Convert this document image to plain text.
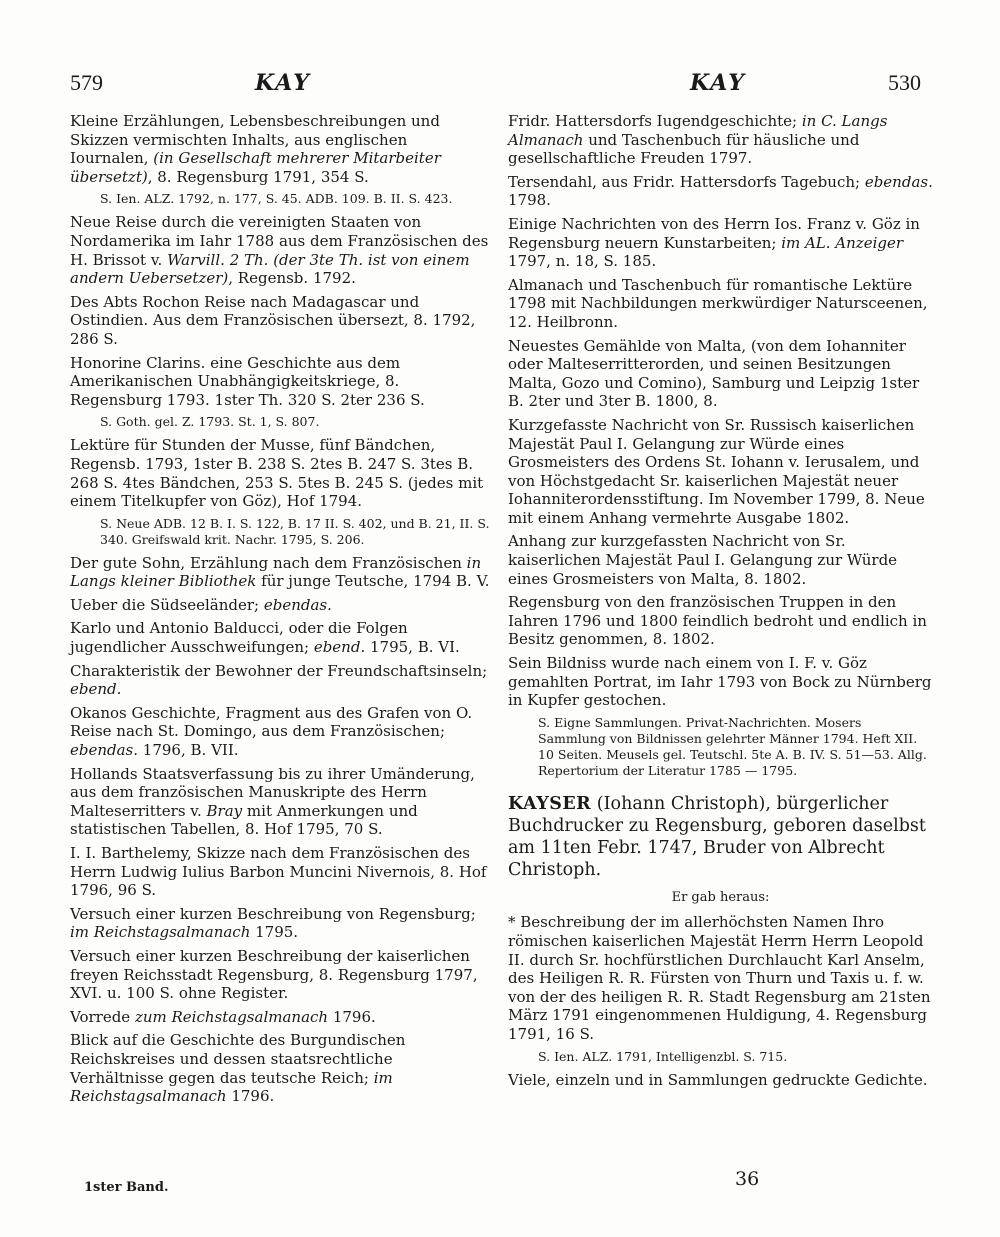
579	KAY	KAY	530
Kleine Erzählungen, Lebensbeschreibungen und Skizzen vermischten Inhalts, aus englischen Iournalen, (in Gesellschaft mehrerer Mitarbeiter übersetzt), 8. Regensburg 1791, 354 S.
S. Ien. ALZ. 1792, n. 177, S. 45. ADB. 109. B. II. S. 423.
Neue Reise durch die vereinigten Staaten von Nordamerika im Iahr 1788 aus dem Französischen des H. Brissot v. Warvill. 2 Th. (der 3te Th. ist von einem andern Uebersetzer), Regensb. 1792.
Des Abts Rochon Reise nach Madagascar und Ostindien. Aus dem Französischen übersezt, 8. 1792, 286 S.
Honorine Clarins. eine Geschichte aus dem Amerikanischen Unabhängigkeitskriege, 8. Regensburg 1793. 1ster Th. 320 S. 2ter 236 S.
S. Goth. gel. Z. 1793. St. 1, S. 807.
Lektüre für Stunden der Musse, fünf Bändchen, Regensb. 1793, 1ster B. 238 S. 2tes B. 247 S. 3tes B. 268 S. 4tes Bändchen, 253 S. 5tes B. 245 S. (jedes mit einem Titelkupfer von Göz), Hof 1794.
S. Neue ADB. 12 B. I. S. 122, B. 17 II. S. 402, und B. 21, II. S. 340. Greifswald krit. Nachr. 1795, S. 206.
Der gute Sohn, Erzählung nach dem Französischen in Langs kleiner Bibliothek für junge Teutsche, 1794 B. V.
Ueber die Südseeländer; ebendas.
Karlo und Antonio Balducci, oder die Folgen jugendlicher Ausschweifungen; ebend. 1795, B. VI.
Charakteristik der Bewohner der Freundschaftsinseln; ebend.
Okanos Geschichte, Fragment aus des Grafen von O. Reise nach St. Domingo, aus dem Französischen; ebendas. 1796, B. VII.
Hollands Staatsverfassung bis zu ihrer Umänderung, aus dem französischen Manuskripte des Herrn Malteserritters v. Bray mit Anmerkungen und statistischen Tabellen, 8. Hof 1795, 70 S.
I. I. Barthelemy, Skizze nach dem Französischen des Herrn Ludwig Iulius Barbon Muncini Nivernois, 8. Hof 1796, 96 S.
Versuch einer kurzen Beschreibung von Regensburg; im Reichstagsalmanach 1795.
Versuch einer kurzen Beschreibung der kaiserlichen freyen Reichsstadt Regensburg, 8. Regensburg 1797, XVI. u. 100 S. ohne Register.
Vorrede zum Reichstagsalmanach 1796.
Blick auf die Geschichte des Burgundischen Reichskreises und dessen staatsrechtliche Verhältnisse gegen das teutsche Reich; im Reichstagsalmanach 1796.
Fridr. Hattersdorfs Iugendgeschichte; in C. Langs Almanach und Taschenbuch für häusliche und gesellschaftliche Freuden 1797.
Tersendahl, aus Fridr. Hattersdorfs Tagebuch; ebendas. 1798.
Einige Nachrichten von des Herrn Ios. Franz v. Göz in Regensburg neuern Kunstarbeiten; im AL. Anzeiger 1797, n. 18, S. 185.
Almanach und Taschenbuch für romantische Lektüre 1798 mit Nachbildungen merkwürdiger Natursceenen, 12. Heilbronn.
Neuestes Gemählde von Malta, (von dem Iohanniter oder Malteserritterorden, und seinen Besitzungen Malta, Gozo und Comino), Samburg und Leipzig 1ster B. 2ter und 3ter B. 1800, 8.
Kurzgefasste Nachricht von Sr. Russisch kaiserlichen Majestät Paul I. Gelangung zur Würde eines Grosmeisters des Ordens St. Iohann v. Ierusalem, und von Höchstgedacht Sr. kaiserlichen Majestät neuer Iohanniterordensstiftung. Im November 1799, 8. Neue mit einem Anhang vermehrte Ausgabe 1802.
Anhang zur kurzgefassten Nachricht von Sr. kaiserlichen Majestät Paul I. Gelangung zur Würde eines Grosmeisters von Malta, 8. 1802.
Regensburg von den französischen Truppen in den Iahren 1796 und 1800 feindlich bedroht und endlich in Besitz genommen, 8. 1802.
Sein Bildniss wurde nach einem von I. F. v. Göz gemahlten Portrat, im Iahr 1793 von Bock zu Nürnberg in Kupfer gestochen.
S. Eigne Sammlungen. Privat-Nachrichten. Mosers Sammlung von Bildnissen gelehrter Männer 1794. Heft XII. 10 Seiten. Meusels gel. Teutschl. 5te A. B. IV. S. 51—53. Allg. Repertorium der Literatur 1785 — 1795.
KAYSER (Iohann Christoph), bürgerlicher Buchdrucker zu Regensburg, geboren daselbst am 11ten Febr. 1747, Bruder von Albrecht Christoph.
Er gab heraus:
* Beschreibung der im allerhöchsten Namen Ihro römischen kaiserlichen Majestät Herrn Herrn Leopold II. durch Sr. hochfürstlichen Durchlaucht Karl Anselm, des Heiligen R. R. Fürsten von Thurn und Taxis u. f. w. von der des heiligen R. R. Stadt Regensburg am 21sten März 1791 eingenommenen Huldigung, 4. Regensburg 1791, 16 S.
S. Ien. ALZ. 1791, Intelligenzbl. S. 715.
Viele, einzeln und in Sammlungen gedruckte Gedichte.
1ster Band.	36
